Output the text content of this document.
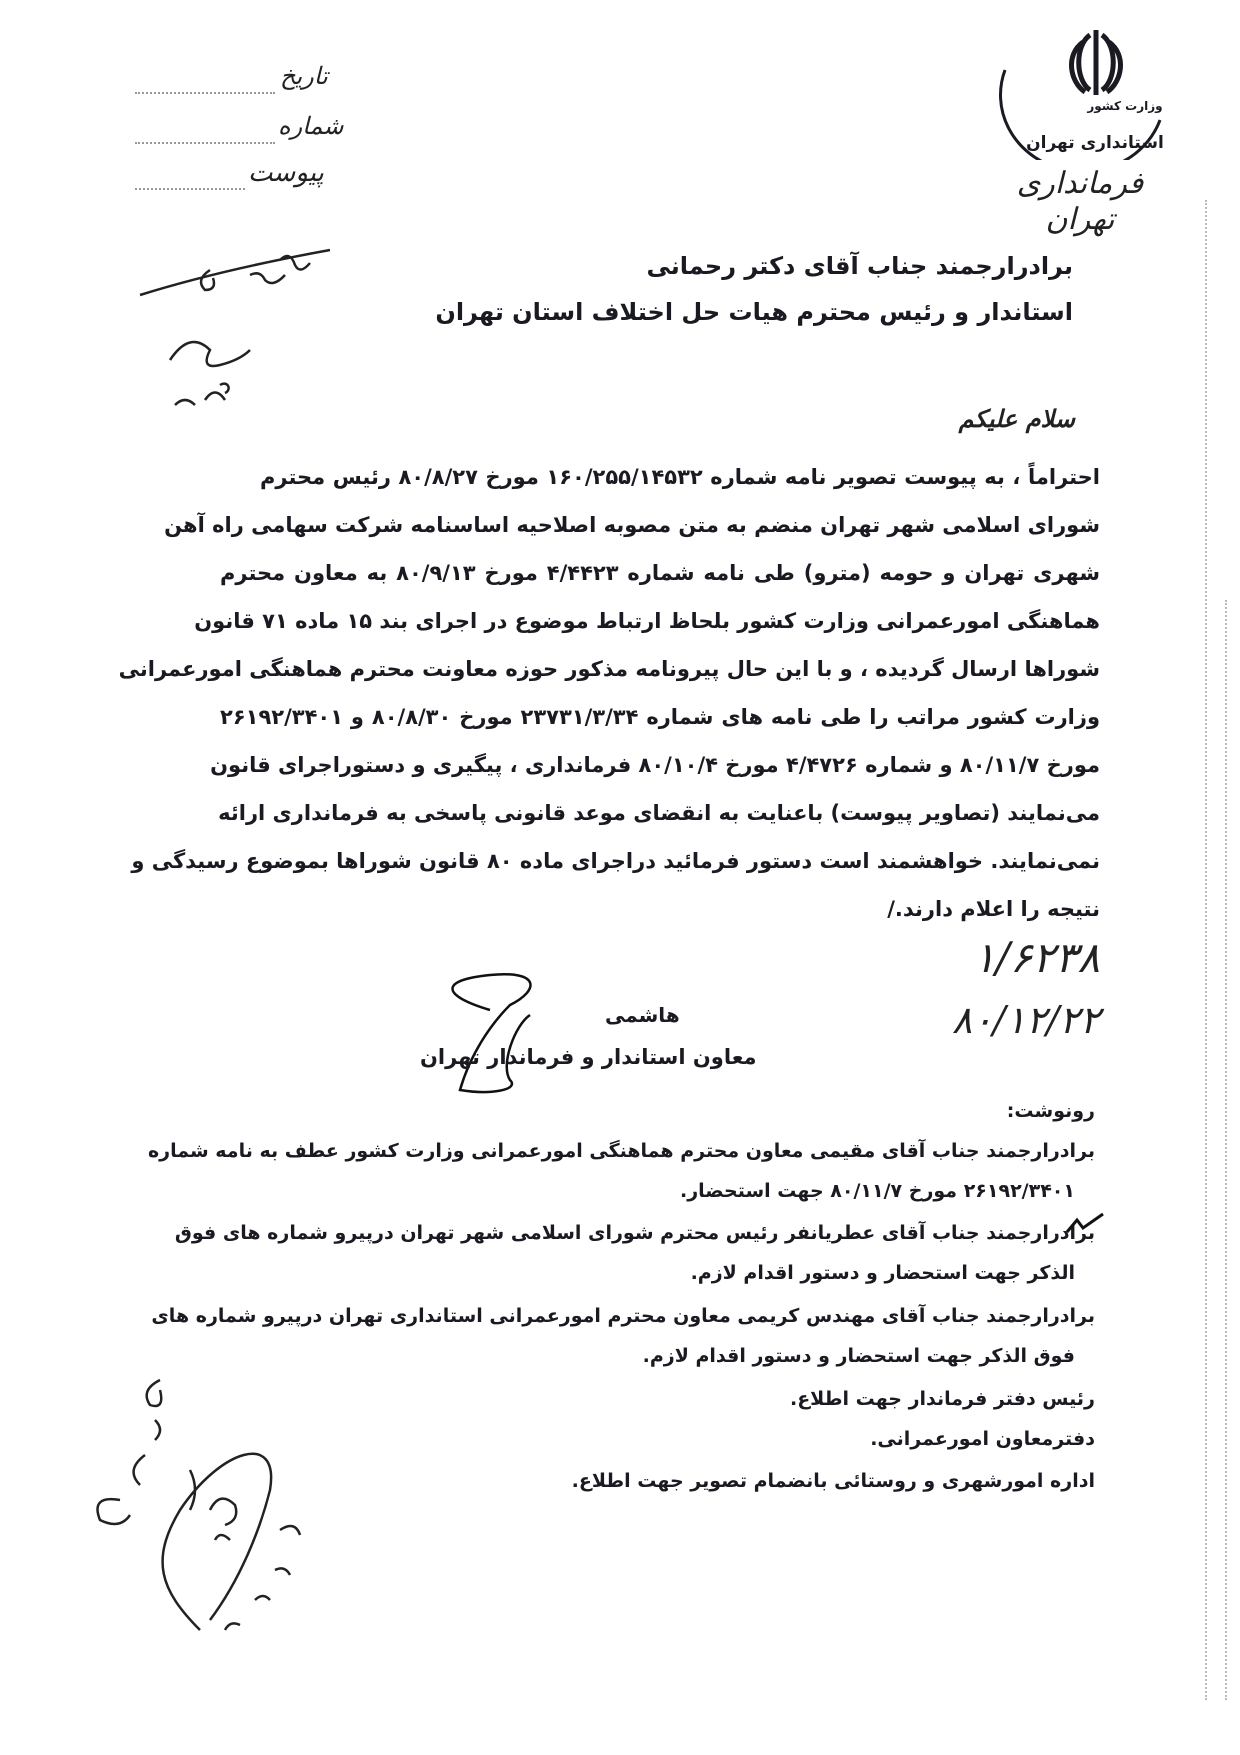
وزارت کشور
استانداری تهران
فرمانداری تهران
تاریخ
شماره
پیوست
برادرارجمند جناب آقای دکتر رحمانی
استاندار و رئیس محترم هیات حل اختلاف استان تهران
سلام علیکم
احتراماً ، به پیوست تصویر نامه شماره ۱۶۰/۲۵۵/۱۴۵۳۲ مورخ ۸۰/۸/۲۷ رئیس محترم
شورای اسلامی شهر تهران منضم به متن مصوبه اصلاحیه اساسنامه شرکت سهامی راه آهن
شهری تهران و حومه (مترو) طی نامه شماره ۴/۴۴۲۳ مورخ ۸۰/۹/۱۳ به معاون محترم
هماهنگی امورعمرانی وزارت کشور بلحاظ ارتباط موضوع در اجرای بند ۱۵ ماده ۷۱ قانون
شوراها ارسال گردیده ، و با این حال پیرونامه مذکور حوزه معاونت محترم هماهنگی امورعمرانی
وزارت کشور مراتب را طی نامه های شماره ۲۳۷۳۱/۳/۳۴ مورخ ۸۰/۸/۳۰ و ۲۶۱۹۲/۳۴۰۱
مورخ ۸۰/۱۱/۷ و شماره ۴/۴۷۲۶ مورخ ۸۰/۱۰/۴ فرمانداری ، پیگیری و دستوراجرای قانون
می‌نمایند (تصاویر پیوست) باعنایت به انقضای موعد قانونی پاسخی به فرمانداری ارائه
نمی‌نمایند. خواهشمند است دستور فرمائید دراجرای ماده ۸۰ قانون شوراها بموضوع رسیدگی و
نتیجه را اعلام دارند./
۱/۶۲۳۸
۸۰/۱۲/۲۲
هاشمی
معاون استاندار و فرماندار تهران
رونوشت:
برادرارجمند جناب آقای مقیمی معاون محترم هماهنگی امورعمرانی وزارت کشور عطف به نامه شماره
۲۶۱۹۲/۳۴۰۱ مورخ ۸۰/۱۱/۷ جهت استحضار.
برادرارجمند جناب آقای عطریانفر رئیس محترم شورای اسلامی شهر تهران درپیرو شماره های فوق
الذکر جهت استحضار و دستور اقدام لازم.
برادرارجمند جناب آقای مهندس کریمی معاون محترم امورعمرانی استانداری تهران درپیرو شماره های
فوق الذکر جهت استحضار و دستور اقدام لازم.
رئیس دفتر فرماندار جهت اطلاع.
دفترمعاون امورعمرانی.
اداره امورشهری و روستائی بانضمام تصویر جهت اطلاع.
